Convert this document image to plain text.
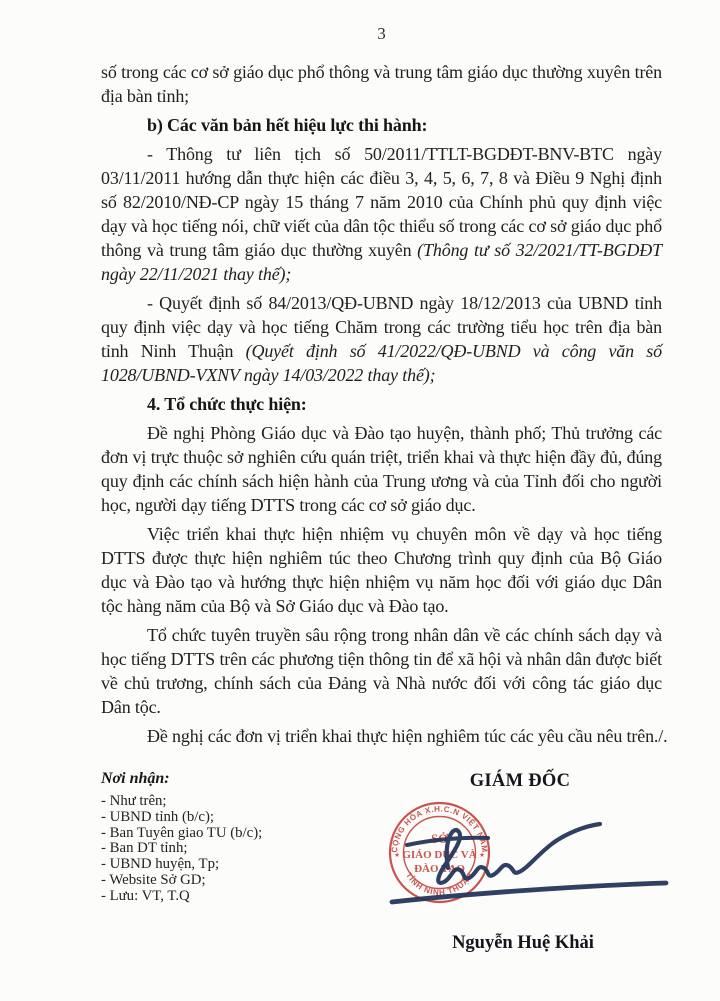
3

số trong các cơ sở giáo dục phổ thông và trung tâm giáo dục thường xuyên trên địa bàn tỉnh;

b) Các văn bản hết hiệu lực thi hành:

- Thông tư liên tịch số 50/2011/TTLT-BGDĐT-BNV-BTC ngày 03/11/2011 hướng dẫn thực hiện các điều 3, 4, 5, 6, 7, 8 và Điều 9 Nghị định số 82/2010/NĐ-CP ngày 15 tháng 7 năm 2010 của Chính phủ quy định việc dạy và học tiếng nói, chữ viết của dân tộc thiểu số trong các cơ sở giáo dục phổ thông và trung tâm giáo dục thường xuyên (Thông tư số 32/2021/TT-BGDĐT ngày 22/11/2021 thay thế);

- Quyết định số 84/2013/QĐ-UBND ngày 18/12/2013 của UBND tỉnh quy định việc dạy và học tiếng Chăm trong các trường tiểu học trên địa bàn tỉnh Ninh Thuận (Quyết định số 41/2022/QĐ-UBND và công văn số 1028/UBND-VXNV ngày 14/03/2022 thay thế);

4. Tổ chức thực hiện:

Đề nghị Phòng Giáo dục và Đào tạo huyện, thành phố; Thủ trưởng các đơn vị trực thuộc sở nghiên cứu quán triệt, triển khai và thực hiện đầy đủ, đúng quy định các chính sách hiện hành của Trung ương và của Tỉnh đối cho người học, người dạy tiếng DTTS trong các cơ sở giáo dục.

Việc triển khai thực hiện nhiệm vụ chuyên môn về dạy và học tiếng DTTS được thực hiện nghiêm túc theo Chương trình quy định của Bộ Giáo dục và Đào tạo và hướng thực hiện nhiệm vụ năm học đối với giáo dục Dân tộc hàng năm của Bộ và Sở Giáo dục và Đào tạo.

Tổ chức tuyên truyền sâu rộng trong nhân dân về các chính sách dạy và học tiếng DTTS trên các phương tiện thông tin để xã hội và nhân dân được biết về chủ trương, chính sách của Đảng và Nhà nước đối với công tác giáo dục Dân tộc.

Đề nghị các đơn vị triển khai thực hiện nghiêm túc các yêu cầu nêu trên./.

Nơi nhận:

- Như trên;
- UBND tỉnh (b/c);
- Ban Tuyên giao TU (b/c);
- Ban DT tỉnh;
- UBND huyện, Tp;
- Website Sở GD;
- Lưu: VT, T.Q
GIÁM ĐỐC
CỘNG HÒA X.H.C.N VIỆT NAM
TỈNH NINH THUẬN
SỞ
GIÁO DỤC VÀ
ĐÀO TẠO
★	★
Nguyễn Huệ Khải
